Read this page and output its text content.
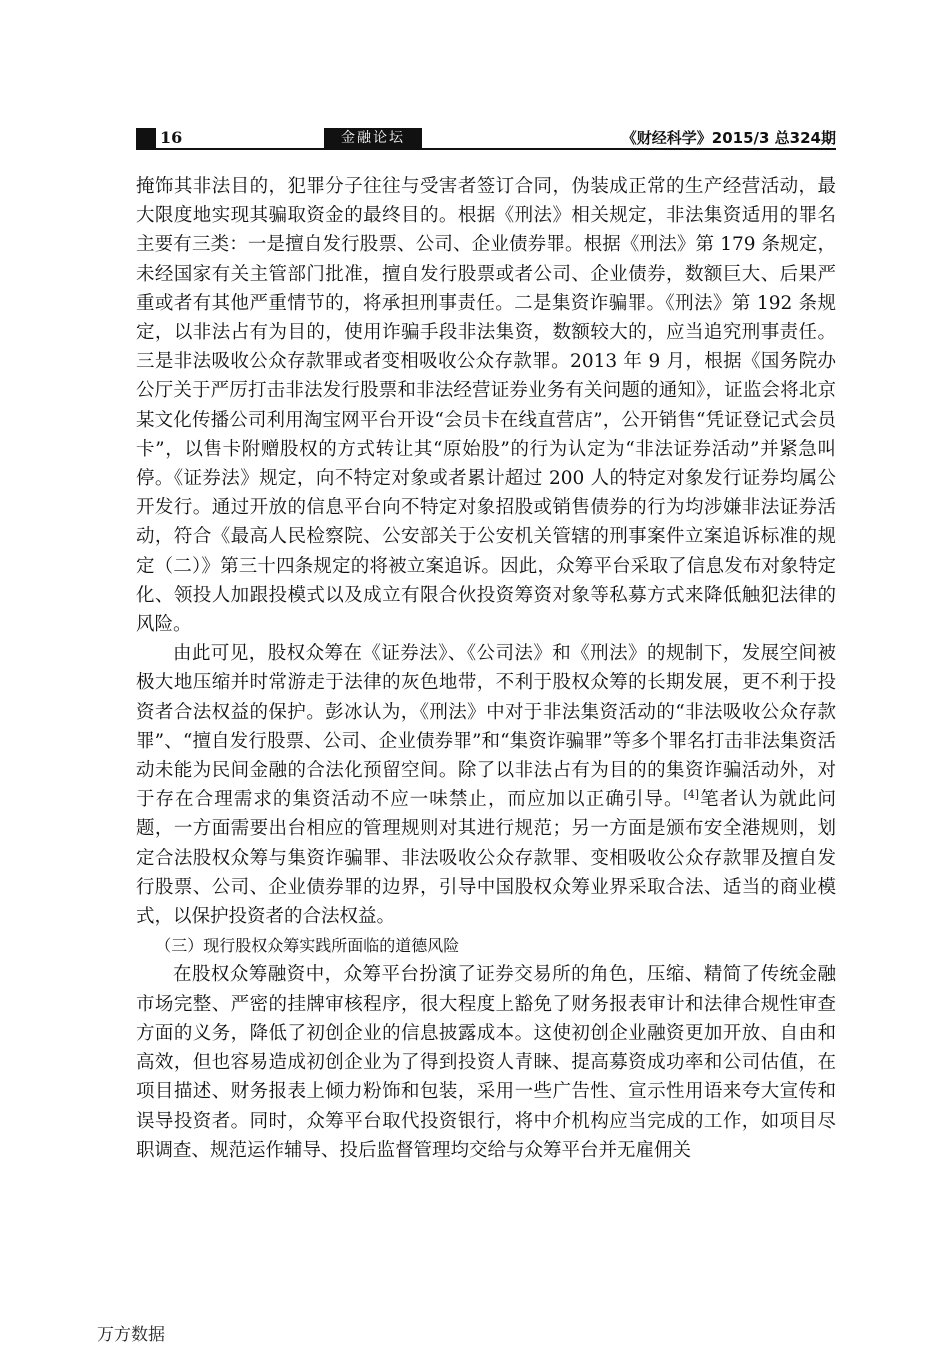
16	金融论坛	《财经科学》2015/3 总324期

掩饰其非法目的，犯罪分子往往与受害者签订合同，伪装成正常的生产经营活动，最大限度地实现其骗取资金的最终目的。根据《刑法》相关规定，非法集资适用的罪名主要有三类：一是擅自发行股票、公司、企业债券罪。根据《刑法》第 179 条规定，未经国家有关主管部门批准，擅自发行股票或者公司、企业债券，数额巨大、后果严重或者有其他严重情节的，将承担刑事责任。二是集资诈骗罪。《刑法》第 192 条规定，以非法占有为目的，使用诈骗手段非法集资，数额较大的，应当追究刑事责任。三是非法吸收公众存款罪或者变相吸收公众存款罪。2013 年 9 月，根据《国务院办公厅关于严厉打击非法发行股票和非法经营证券业务有关问题的通知》，证监会将北京某文化传播公司利用淘宝网平台开设“会员卡在线直营店”，公开销售“凭证登记式会员卡”，以售卡附赠股权的方式转让其“原始股”的行为认定为“非法证券活动”并紧急叫停。《证券法》规定，向不特定对象或者累计超过 200 人的特定对象发行证券均属公开发行。通过开放的信息平台向不特定对象招股或销售债券的行为均涉嫌非法证券活动，符合《最高人民检察院、公安部关于公安机关管辖的刑事案件立案追诉标准的规定（二）》第三十四条规定的将被立案追诉。因此，众筹平台采取了信息发布对象特定化、领投人加跟投模式以及成立有限合伙投资筹资对象等私募方式来降低触犯法律的风险。

由此可见，股权众筹在《证券法》、《公司法》和《刑法》的规制下，发展空间被极大地压缩并时常游走于法律的灰色地带，不利于股权众筹的长期发展，更不利于投资者合法权益的保护。彭冰认为，《刑法》中对于非法集资活动的“非法吸收公众存款罪”、“擅自发行股票、公司、企业债券罪”和“集资诈骗罪”等多个罪名打击非法集资活动未能为民间金融的合法化预留空间。除了以非法占有为目的的集资诈骗活动外，对于存在合理需求的集资活动不应一味禁止，而应加以正确引导。[4]笔者认为就此问题，一方面需要出台相应的管理规则对其进行规范；另一方面是颁布安全港规则，划定合法股权众筹与集资诈骗罪、非法吸收公众存款罪、变相吸收公众存款罪及擅自发行股票、公司、企业债券罪的边界，引导中国股权众筹业界采取合法、适当的商业模式，以保护投资者的合法权益。

（三）现行股权众筹实践所面临的道德风险

在股权众筹融资中，众筹平台扮演了证券交易所的角色，压缩、精简了传统金融市场完整、严密的挂牌审核程序，很大程度上豁免了财务报表审计和法律合规性审查方面的义务，降低了初创企业的信息披露成本。这使初创企业融资更加开放、自由和高效，但也容易造成初创企业为了得到投资人青睐、提高募资成功率和公司估值，在项目描述、财务报表上倾力粉饰和包装，采用一些广告性、宣示性用语来夸大宣传和误导投资者。同时，众筹平台取代投资银行，将中介机构应当完成的工作，如项目尽职调查、规范运作辅导、投后监督管理均交给与众筹平台并无雇佣关

万方数据
